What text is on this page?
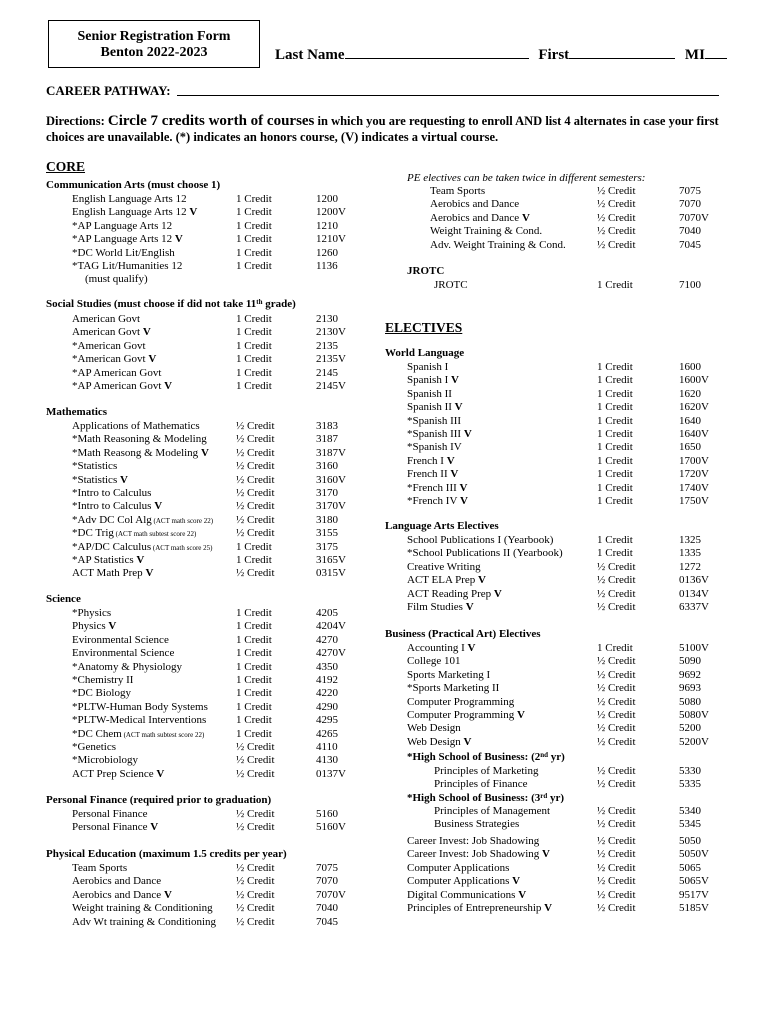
Senior Registration Form
Benton 2022-2023	Last Name	First	MI
CAREER PATHWAY:
Directions: Circle 7 credits worth of courses in which you are requesting to enroll AND list 4 alternates in case your first choices are unavailable. (*) indicates an honors course, (V) indicates a virtual course.
CORE
ELECTIVES
PE electives can be taken twice in different semesters:
JROTC
Communication Arts (must choose 1)
English Language Arts 12	1 Credit	1200
English Language Arts 12 V	1 Credit	1200V
*AP Language Arts 12	1 Credit	1210
*AP Language Arts 12 V	1 Credit	1210V
*DC World Lit/English	1 Credit	1260
*TAG Lit/Humanities 12	1 Credit	1136
(must qualify)
Social Studies (must choose if did not take 11th grade)
American Govt	1 Credit	2130
American Govt V	1 Credit	2130V
*American Govt	1 Credit	2135
*American Govt V	1 Credit	2135V
*AP American Govt	1 Credit	2145
*AP American Govt V	1 Credit	2145V
Mathematics
Applications of Mathematics	½ Credit	3183
*Math Reasoning & Modeling	½ Credit	3187
*Math Reasong & Modeling V ½ Credit	3187V
*Statistics	½ Credit	3160
*Statistics V	½ Credit	3160V
*Intro to Calculus	½ Credit	3170
*Intro to Calculus V	½ Credit	3170V
*Adv DC Col Alg (ACT math score 22) ½ Credit	3180
*DC Trig (ACT math subtest score 22)	½ Credit	3155
*AP/DC Calculus (ACT math score 25) 1 Credit	3175
*AP Statistics V	1 Credit	3165V
ACT Math Prep V	½ Credit	0315V
Science
*Physics	1 Credit	4205
Physics V	1 Credit	4204V
Evironmental Science	1 Credit	4270
Environmental Science	1 Credit	4270V
*Anatomy & Physiology	1 Credit	4350
*Chemistry II	1 Credit	4192
*DC Biology	1 Credit	4220
*PLTW-Human Body Systems	1 Credit	4290
*PLTW-Medical Interventions	1 Credit	4295
*DC Chem (ACT math subtest score 22)	1 Credit	4265
*Genetics	½ Credit	4110
*Microbiology	½ Credit	4130
ACT Prep Science V	½ Credit	0137V
Personal Finance (required prior to graduation)
Personal Finance	½ Credit	5160
Personal Finance V	½ Credit	5160V
Physical Education (maximum 1.5 credits per year)
Team Sports	½ Credit	7075
Aerobics and Dance	½ Credit	7070
Aerobics and Dance V	½ Credit	7070V
Weight training & Conditioning ½ Credit	7040
Adv Wt training & Conditioning ½ Credit	7045
Team Sports	½ Credit	7075
Aerobics and Dance	½ Credit	7070
Aerobics and Dance V	½ Credit	7070V
Weight Training & Cond.	½ Credit	7040
Adv. Weight Training & Cond.	½ Credit	7045
JROTC	1 Credit	7100
World Language
Spanish I	1 Credit	1600
Spanish I V	1 Credit	1600V
Spanish II	1 Credit	1620
Spanish II V	1 Credit	1620V
*Spanish III	1 Credit	1640
*Spanish III V	1 Credit	1640V
*Spanish IV	1 Credit	1650
French I V	1 Credit	1700V
French II V	1 Credit	1720V
*French III V	1 Credit	1740V
*French IV V	1 Credit	1750V
Language Arts Electives
School Publications I (Yearbook)	1 Credit	1325
*School Publications II (Yearbook)	1 Credit	1335
Creative Writing	½ Credit	1272
ACT ELA Prep V	½ Credit	0136V
ACT Reading Prep V	½ Credit	0134V
Film Studies V	½ Credit	6337V
Business (Practical Art) Electives
Accounting I V	1 Credit	5100V
College 101	½ Credit	5090
Sports Marketing I	½ Credit	9692
*Sports Marketing II	½ Credit	9693
Computer Programming	½ Credit	5080
Computer Programming V	½ Credit	5080V
Web Design	½ Credit	5200
Web Design V	½ Credit	5200V
*High School of Business: (2nd yr)
Principles of Marketing	½ Credit	5330
Principles of Finance	½ Credit	5335
*High School of Business: (3rd yr)
Principles of Management	½ Credit	5340
Business Strategies	½ Credit	5345
Career Invest: Job Shadowing	½ Credit	5050
Career Invest: Job Shadowing V	½ Credit	5050V
Computer Applications	½ Credit	5065
Computer Applications V	½ Credit	5065V
Digital Communications V	½ Credit	9517V
Principles of Entrepreneurship V	½ Credit	5185V
